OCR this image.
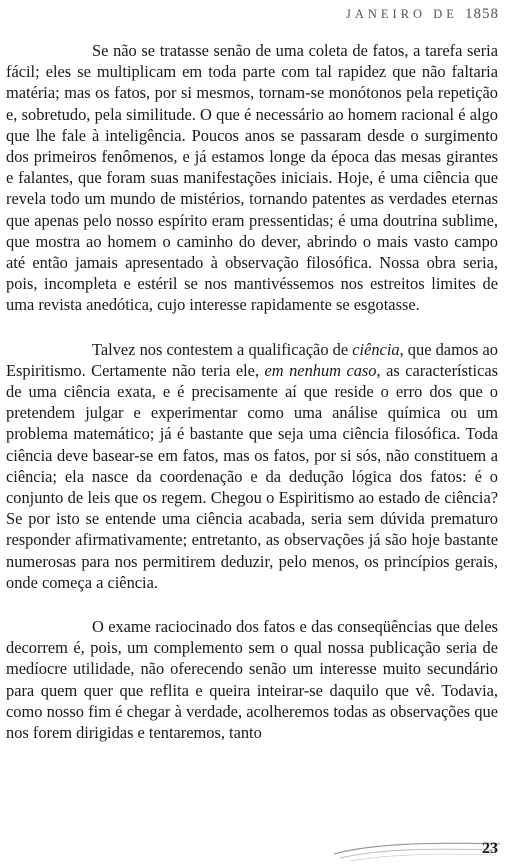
JANEIRO DE 1858

Se não se tratasse senão de uma coleta de fatos, a tarefa seria fácil; eles se multiplicam em toda parte com tal rapidez que não faltaria matéria; mas os fatos, por si mesmos, tornam-se monótonos pela repetição e, sobretudo, pela similitude. O que é necessário ao homem racional é algo que lhe fale à inteligência. Poucos anos se passaram desde o surgimento dos primeiros fenômenos, e já estamos longe da época das mesas girantes e falantes, que foram suas manifestações iniciais. Hoje, é uma ciência que revela todo um mundo de mistérios, tornando patentes as verdades eternas que apenas pelo nosso espírito eram pressentidas; é uma doutrina sublime, que mostra ao homem o caminho do dever, abrindo o mais vasto campo até então jamais apresentado à observação filosófica. Nossa obra seria, pois, incompleta e estéril se nos mantivéssemos nos estreitos limites de uma revista anedótica, cujo interesse rapidamente se esgotasse.

Talvez nos contestem a qualificação de ciência, que damos ao Espiritismo. Certamente não teria ele, em nenhum caso, as características de uma ciência exata, e é precisamente aí que reside o erro dos que o pretendem julgar e experimentar como uma análise química ou um problema matemático; já é bastante que seja uma ciência filosófica. Toda ciência deve basear-se em fatos, mas os fatos, por si sós, não constituem a ciência; ela nasce da coordenação e da dedução lógica dos fatos: é o conjunto de leis que os regem. Chegou o Espiritismo ao estado de ciência? Se por isto se entende uma ciência acabada, seria sem dúvida prematuro responder afirmativamente; entretanto, as observações já são hoje bastante numerosas para nos permitirem deduzir, pelo menos, os princípios gerais, onde começa a ciência.

O exame raciocinado dos fatos e das conseqüências que deles decorrem é, pois, um complemento sem o qual nossa publicação seria de medíocre utilidade, não oferecendo senão um interesse muito secundário para quem quer que reflita e queira inteirar-se daquilo que vê. Todavia, como nosso fim é chegar à verdade, acolheremos todas as observações que nos forem dirigidas e tentaremos, tanto

23
